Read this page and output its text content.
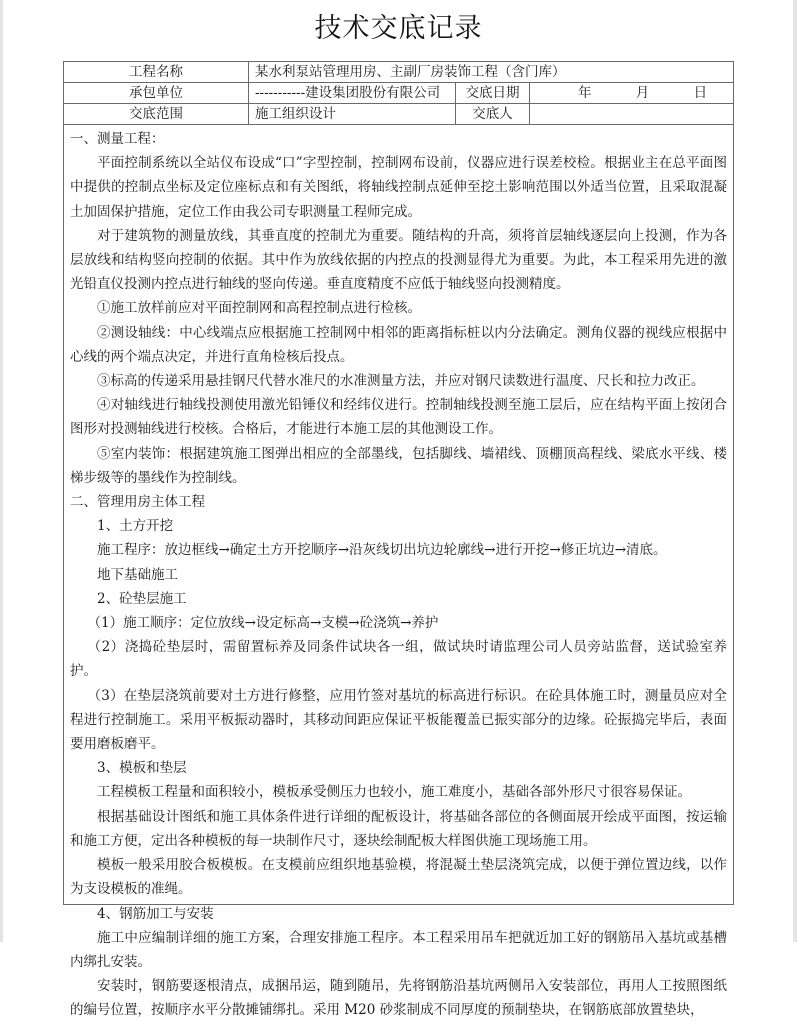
技术交底记录
工程名称	某水利泵站管理用房、主副厂房装饰工程（含门库）		
承包单位	-----------建设集团股份有限公司	交底日期	年 月 日
交底范围	施工组织设计	交底人	

一、测量工程：

平面控制系统以全站仪布设成“口”字型控制，控制网布设前，仪器应进行误差校检。根据业主在总平面图中提供的控制点坐标及定位座标点和有关图纸，将轴线控制点延伸至挖土影响范围以外适当位置，且采取混凝土加固保护措施，定位工作由我公司专职测量工程师完成。

对于建筑物的测量放线，其垂直度的控制尤为重要。随结构的升高，须将首层轴线逐层向上投测，作为各层放线和结构竖向控制的依据。其中作为放线依据的内控点的投测显得尤为重要。为此，本工程采用先进的激光铅直仪投测内控点进行轴线的竖向传递。垂直度精度不应低于轴线竖向投测精度。

①施工放样前应对平面控制网和高程控制点进行检核。

②测设轴线：中心线端点应根据施工控制网中相邻的距离指标桩以内分法确定。测角仪器的视线应根据中心线的两个端点决定，并进行直角检核后投点。

③标高的传递采用悬挂钢尺代替水准尺的水准测量方法，并应对钢尺读数进行温度、尺长和拉力改正。

④对轴线进行轴线投测使用激光铅锤仪和经纬仪进行。控制轴线投测至施工层后，应在结构平面上按闭合图形对投测轴线进行校核。合格后，才能进行本施工层的其他测设工作。

⑤室内装饰：根据建筑施工图弹出相应的全部墨线，包括脚线、墙裙线、顶棚顶高程线、梁底水平线、楼梯步级等的墨线作为控制线。

二、管理用房主体工程

1、土方开挖

施工程序：放边框线→确定土方开挖顺序→沿灰线切出坑边轮廓线→进行开挖→修正坑边→清底。

地下基础施工

2、砼垫层施工

（1）施工顺序：定位放线→设定标高→支模→砼浇筑→养护

（2）浇捣砼垫层时，需留置标养及同条件试块各一组，做试块时请监理公司人员旁站监督，送试验室养护。

（3）在垫层浇筑前要对土方进行修整，应用竹签对基坑的标高进行标识。在砼具体施工时，测量员应对全程进行控制施工。采用平板振动器时，其移动间距应保证平板能覆盖已振实部分的边缘。砼振捣完毕后，表面要用磨板磨平。

3、模板和垫层

工程模板工程量和面积较小，模板承受侧压力也较小，施工难度小，基础各部外形尺寸很容易保证。

根据基础设计图纸和施工具体条件进行详细的配板设计，将基础各部位的各侧面展开绘成平面图，按运输和施工方便，定出各种模板的每一块制作尺寸，逐块绘制配板大样图供施工现场施工用。

模板一般采用胶合板模板。在支模前应组织地基验模，将混凝土垫层浇筑完成，以便于弹位置边线，以作为支设模板的准绳。

4、钢筋加工与安装

施工中应编制详细的施工方案，合理安排施工程序。本工程采用吊车把就近加工好的钢筋吊入基坑或基槽内绑扎安装。

安装时，钢筋要逐根清点，成捆吊运，随到随吊，先将钢筋沿基坑两侧吊入安装部位，再用人工按照图纸的编号位置，按顺序水平分散摊铺绑扎。采用 M20 砂浆制成不同厚度的预制垫块，在钢筋底部放置垫块，
